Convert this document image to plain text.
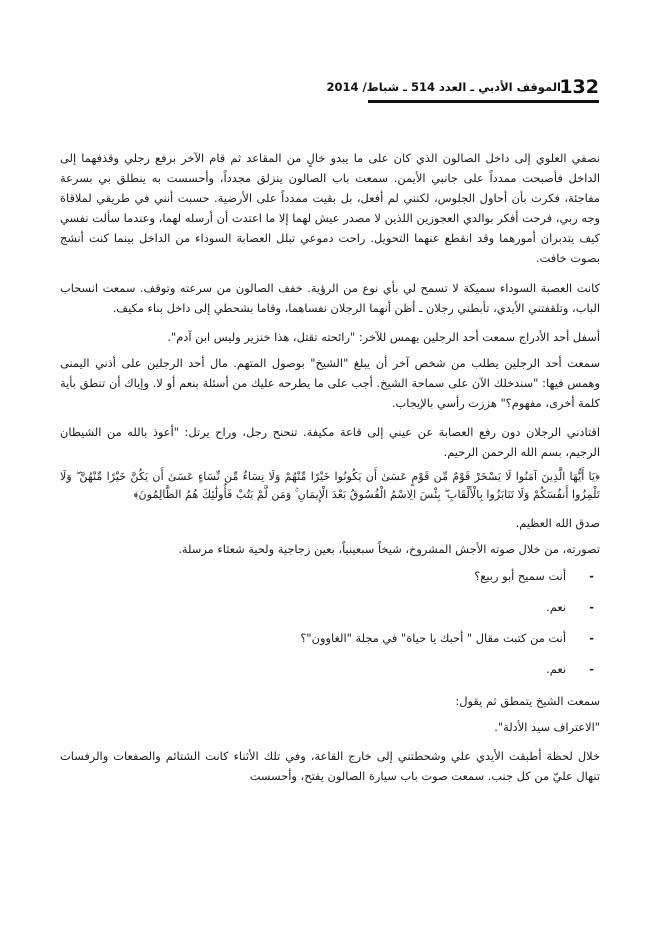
132
الموقف الأدبي ـ العدد 514 ـ شباط/ 2014

نصفي العلوي إلى داخل الصالون الذي كان على ما يبدو خالٍ من المقاعد ثم قام الآخر برفع رجلي وقذفهما إلى الداخل فأصبحت ممدداً على جانبي الأيمن. سمعت باب الصالون ينزلق مجدداً، وأحسست به ينطلق بي بسرعة مفاجئة، فكرت بأن أحاول الجلوس، لكنني لم أفعل، بل بقيت ممدداً على الأرضية. حسبت أنني في طريقي لملاقاة وجه ربي، فرحت أفكر بوالدي العجوزين اللذين لا مصدر عيش لهما إلا ما اعتدت أن أرسله لهما، وعندما سألت نفسي كيف يتدبران أمورهما وقد انقطع عنهما التحويل. راحت دموعي تبلل العصابة السوداء من الداخل بينما كنت أنشج بصوت خافت.

كانت العصبة السوداء سميكة لا تسمح لي بأي نوع من الرؤية. خفف الصالون من سرعته وتوقف. سمعت انسحاب الباب، وتلقفتني الأيدي، تأبطني رجلان ـ أظن أنهما الرجلان نفساهما، وقاما بشحطي إلى داخل بناء مكيف.

أسفل أحد الأدراج سمعت أحد الرجلين يهمس للآخر: "رائحته تقتل، هذا خنزير وليس ابن آدم".

سمعت أحد الرجلين يطلب من شخص آخر أن يبلغ "الشيخ" بوصول المتهم. مال أحد الرجلين على أذني اليمنى وهمس فيها: "سندخلك الآن على سماحة الشيخ. أجب على ما يطرحه عليك من أسئلة بنعم أو لا. وإياك أن تنطق بأية كلمة أخرى، مفهوم؟" هززت رأسي بالإيجاب.

اقتادني الرجلان دون رفع العصابة عن عيني إلى قاعة مكيفة. تنحنح رجل، وراح يرتل: "أعوذ بالله من الشيطان الرجيم، بسم الله الرحمن الرحيم.

﴿يَا أَيُّهَا الَّذِينَ آمَنُوا لَا يَسْخَرْ قَوْمٌ مِّن قَوْمٍ عَسَىٰ أَن يَكُونُوا خَيْرًا مِّنْهُمْ وَلَا نِسَاءٌ مِّن نِّسَاءٍ عَسَىٰ أَن يَكُنَّ خَيْرًا مِّنْهُنَّ ۖ وَلَا تَلْمِزُوا أَنفُسَكُمْ وَلَا تَنَابَزُوا بِالْأَلْقَابِ ۖ بِئْسَ الِاسْمُ الْفُسُوقُ بَعْدَ الْإِيمَانِ ۚ وَمَن لَّمْ يَتُبْ فَأُولَٰئِكَ هُمُ الظَّالِمُونَ﴾

صدق الله العظيم.

تصورته، من خلال صوته الأجش المشروخ، شيخاً سبعينياً، بعين زجاجية ولحية شعثاء مرسلة.

-
أنت سميح أبو ربيع؟
-
نعم.
-
أنت من كتبت مقال " أحبك يا حياة" في مجلة "الغاوون"؟
-
نعم.

سمعت الشيخ يتمطق ثم يقول:

"الاعتراف سيد الأدلة".

خلال لحظة أطبقت الأيدي علي وشحطتني إلى خارج القاعة، وفي تلك الأثناء كانت الشتائم والصفعات والرفسات تنهال عليّ من كل جنب. سمعت صوت باب سيارة الصالون يفتح، وأحسست
